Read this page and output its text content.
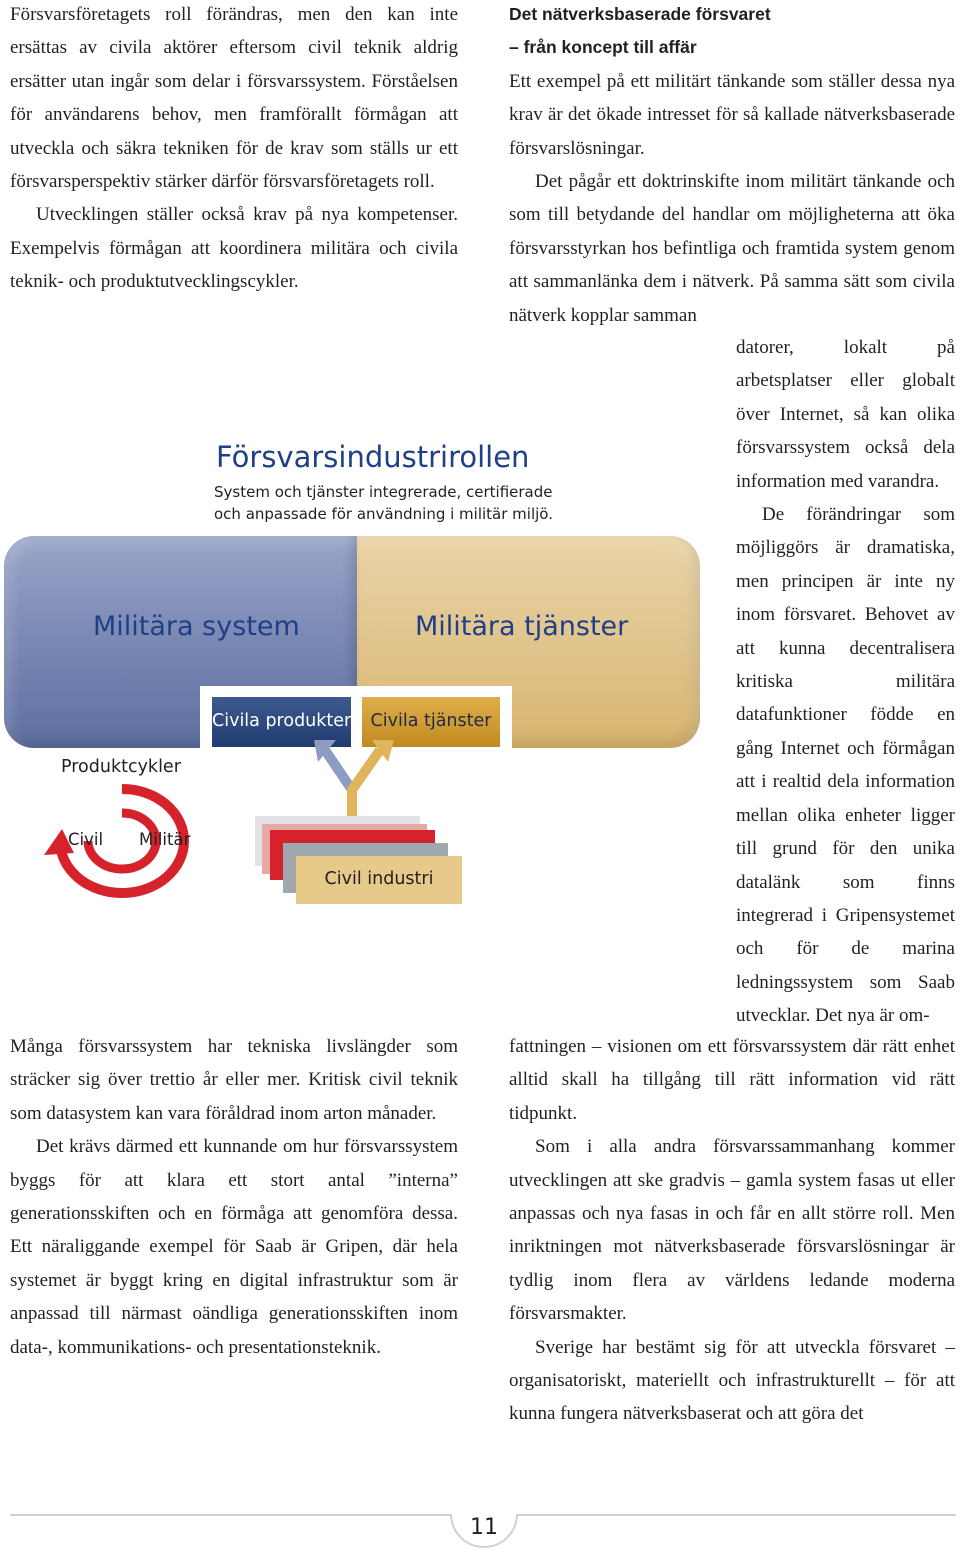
Försvarsföretagets roll förändras, men den kan inte ersättas av civila aktörer eftersom civil teknik aldrig ersätter utan ingår som delar i försvarssystem. Förståelsen för användarens behov, men framförallt förmågan att utveckla och säkra tekniken för de krav som ställs ur ett försvarsperspektiv stärker därför försvarsföretagets roll.

Utvecklingen ställer också krav på nya kompetenser. Exempelvis förmågan att koordinera militära och civila teknik- och produktutvecklingscykler.

Det nätverksbaserade försvaret
– från koncept till affär

Ett exempel på ett militärt tänkande som ställer dessa nya krav är det ökade intresset för så kallade nätverksbaserade försvarslösningar.

Det pågår ett doktrinskifte inom militärt tänkande och som till betydande del handlar om möjligheterna att öka försvarsstyrkan hos befintliga och framtida system genom att sammanlänka dem i nätverk. På samma sätt som civila nätverk kopplar samman

datorer, lokalt på arbetsplatser eller globalt över Internet, så kan olika försvarssystem också dela information med varandra.

De förändringar som möjliggörs är dramatiska, men principen är inte ny inom försvaret. Behovet av att kunna decentralisera kritiska militära datafunktioner födde en gång Internet och förmågan att i realtid dela information mellan olika enheter ligger till grund för den unika datalänk som finns integrerad i Gripensystemet och för de marina ledningssystem som Saab utvecklar. Det nya är om-

Försvarsindustrirollen
System och tjänster integrerade, certifierade
och anpassade för användning i militär miljö.
Militära system	Militära tjänster
Civila produkter	Civila tjänster
Civil industri
Produktcykler
Civil Militär

Många försvarssystem har tekniska livslängder som sträcker sig över trettio år eller mer. Kritisk civil teknik som datasystem kan vara föråldrad inom arton månader.

Det krävs därmed ett kunnande om hur försvarssystem byggs för att klara ett stort antal ”interna” generationsskiften och en förmåga att genomföra dessa. Ett näraliggande exempel för Saab är Gripen, där hela systemet är byggt kring en digital infrastruktur som är anpassad till närmast oändliga generationsskiften inom data-, kommunikations- och presentationsteknik.

fattningen – visionen om ett försvarssystem där rätt enhet alltid skall ha tillgång till rätt information vid rätt tidpunkt.

Som i alla andra försvarssammanhang kommer utvecklingen att ske gradvis – gamla system fasas ut eller anpassas och nya fasas in och får en allt större roll. Men inriktningen mot nätverksbaserade försvarslösningar är tydlig inom flera av världens ledande moderna försvarsmakter.

Sverige har bestämt sig för att utveckla försvaret – organisatoriskt, materiellt och infrastrukturellt – för att kunna fungera nätverksbaserat och att göra det

11
